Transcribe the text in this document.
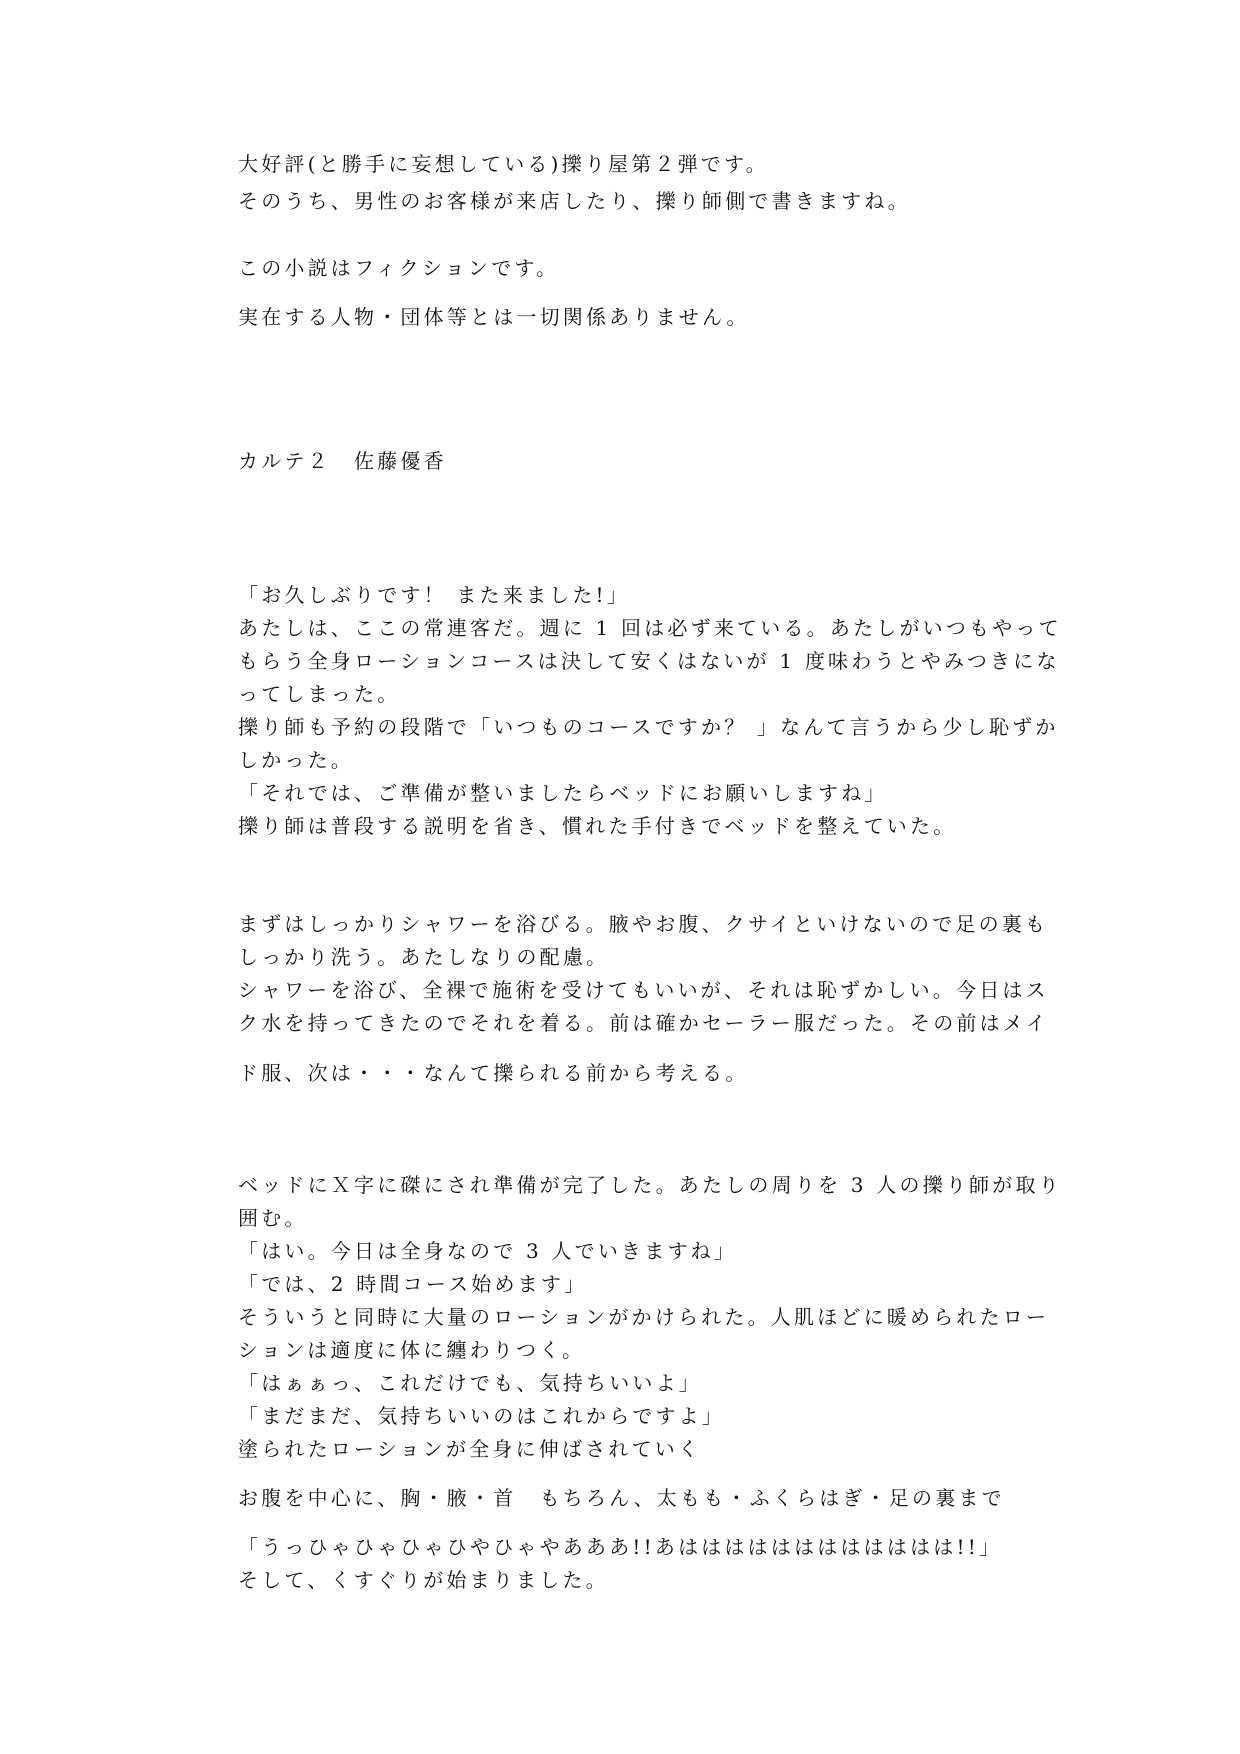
大好評(と勝手に妄想している)擽り屋第２弾です。
そのうち、男性のお客様が来店したり、擽り師側で書きますね。
この小説はフィクションです。
実在する人物・団体等とは一切関係ありません。
カルテ２　佐藤優香
「お久しぶりです！ また来ました!」
あたしは、ここの常連客だ。週に 1 回は必ず来ている。あたしがいつもやって
もらう全身ローションコースは決して安くはないが 1 度味わうとやみつきにな
ってしまった。
擽り師も予約の段階で「いつものコースですか？ 」なんて言うから少し恥ずか
しかった。
「それでは、ご準備が整いましたらベッドにお願いしますね」
擽り師は普段する説明を省き、慣れた手付きでベッドを整えていた。
まずはしっかりシャワーを浴びる。腋やお腹、クサイといけないので足の裏も
しっかり洗う。あたしなりの配慮。
シャワーを浴び、全裸で施術を受けてもいいが、それは恥ずかしい。今日はス
ク水を持ってきたのでそれを着る。前は確かセーラー服だった。その前はメイ
ド服、次は・・・なんて擽られる前から考える。
ベッドにＸ字に磔にされ準備が完了した。あたしの周りを 3 人の擽り師が取り
囲む。
「はい。今日は全身なので 3 人でいきますね」
「では、2 時間コース始めます」
そういうと同時に大量のローションがかけられた。人肌ほどに暖められたロー
ションは適度に体に纏わりつく。
「はぁぁっ、これだけでも、気持ちいいよ」
「まだまだ、気持ちいいのはこれからですよ」
塗られたローションが全身に伸ばされていく
お腹を中心に、胸・腋・首　もちろん、太もも・ふくらはぎ・足の裏まで
「うっひゃひゃひゃひやひゃやあああ!!あはははははははははははは!!」
そして、くすぐりが始まりました。
